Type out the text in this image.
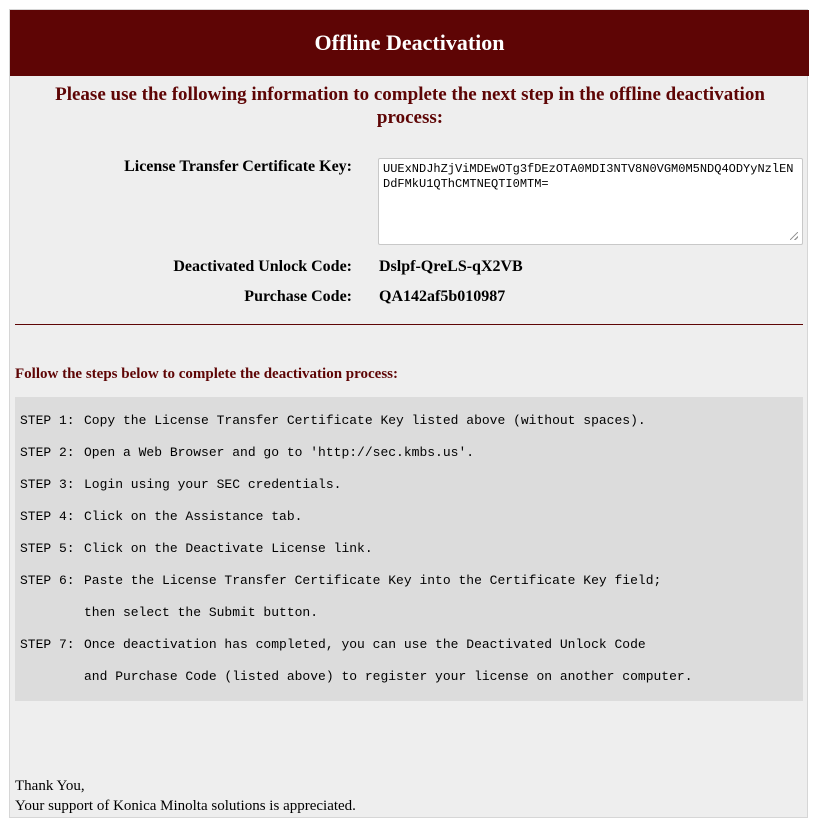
Offline Deactivation
Please use the following information to complete the next step in the offline deactivation process:
License Transfer Certificate Key:
UUExNDJhZjViMDEwOTg3fDEzOTA0MDI3NTV8N0VGM0M5NDQ4ODYyNzlENDdFMkU1QThCMTNEQTI0MTM=
Deactivated Unlock Code: Dslpf-QreLS-qX2VB
Purchase Code: QA142af5b010987
Follow the steps below to complete the deactivation process:
STEP 1: Copy the License Transfer Certificate Key listed above (without spaces).
STEP 2: Open a Web Browser and go to 'http://sec.kmbs.us'.
STEP 3: Login using your SEC credentials.
STEP 4: Click on the Assistance tab.
STEP 5: Click on the Deactivate License link.
STEP 6: Paste the License Transfer Certificate Key into the Certificate Key field;
then select the Submit button.
STEP 7: Once deactivation has completed, you can use the Deactivated Unlock Code
and Purchase Code (listed above) to register your license on another computer.
Thank You,
Your support of Konica Minolta solutions is appreciated.
